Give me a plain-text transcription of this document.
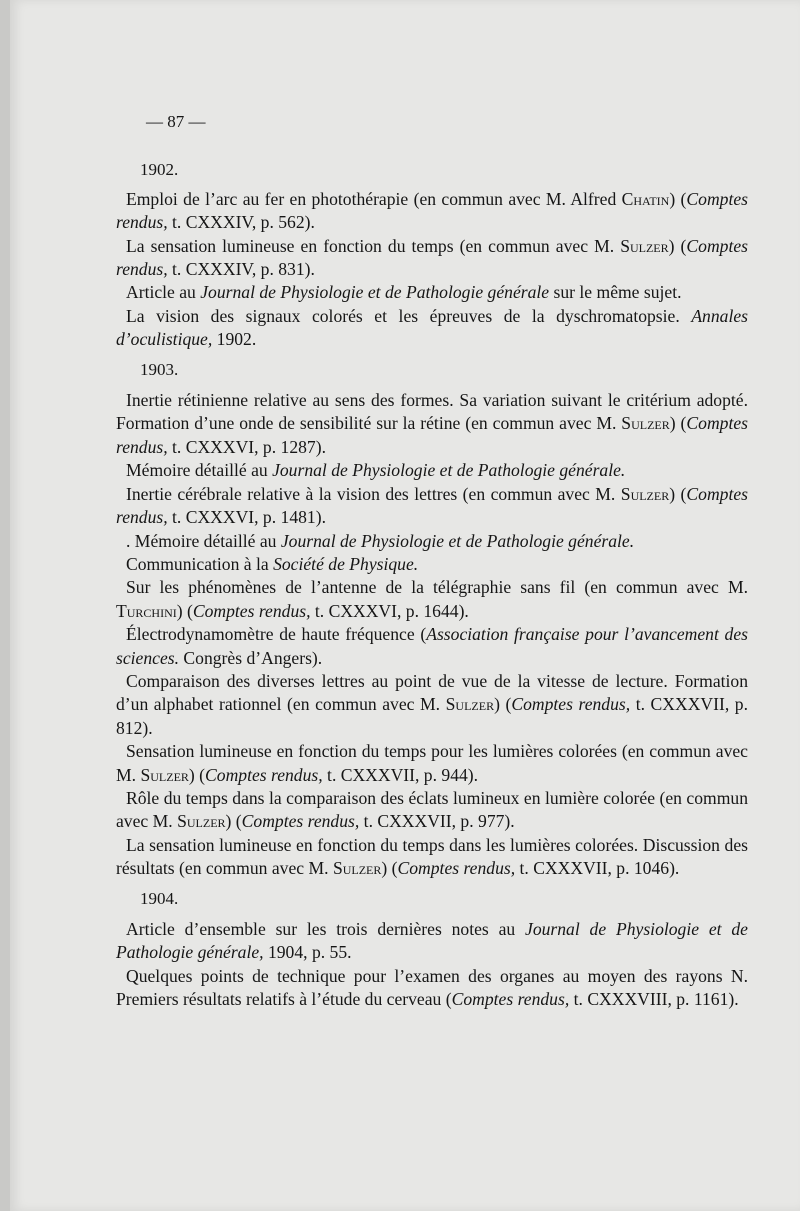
— 87 —
1902.

Emploi de l’arc au fer en photothérapie (en commun avec M. Alfred Chatin) (Comptes rendus, t. CXXXIV, p. 562).

La sensation lumineuse en fonction du temps (en commun avec M. Sulzer) (Comptes rendus, t. CXXXIV, p. 831).

Article au Journal de Physiologie et de Pathologie générale sur le même sujet.

La vision des signaux colorés et les épreuves de la dyschromatopsie. Annales d’oculistique, 1902.

1903.

Inertie rétinienne relative au sens des formes. Sa variation suivant le critérium adopté. Formation d’une onde de sensibilité sur la rétine (en commun avec M. Sulzer) (Comptes rendus, t. CXXXVI, p. 1287).

Mémoire détaillé au Journal de Physiologie et de Pathologie générale.

Inertie cérébrale relative à la vision des lettres (en commun avec M. Sulzer) (Comptes rendus, t. CXXXVI, p. 1481).

. Mémoire détaillé au Journal de Physiologie et de Pathologie générale.

Communication à la Société de Physique.

Sur les phénomènes de l’antenne de la télégraphie sans fil (en commun avec M. Turchini) (Comptes rendus, t. CXXXVI, p. 1644).

Électrodynamomètre de haute fréquence (Association française pour l’avancement des sciences. Congrès d’Angers).

Comparaison des diverses lettres au point de vue de la vitesse de lecture. Formation d’un alphabet rationnel (en commun avec M. Sulzer) (Comptes rendus, t. CXXXVII, p. 812).

Sensation lumineuse en fonction du temps pour les lumières colorées (en commun avec M. Sulzer) (Comptes rendus, t. CXXXVII, p. 944).

Rôle du temps dans la comparaison des éclats lumineux en lumière colorée (en commun avec M. Sulzer) (Comptes rendus, t. CXXXVII, p. 977).

La sensation lumineuse en fonction du temps dans les lumières colorées. Discussion des résultats (en commun avec M. Sulzer) (Comptes rendus, t. CXXXVII, p. 1046).

1904.

Article d’ensemble sur les trois dernières notes au Journal de Physiologie et de Pathologie générale, 1904, p. 55.

Quelques points de technique pour l’examen des organes au moyen des rayons N. Premiers résultats relatifs à l’étude du cerveau (Comptes rendus, t. CXXXVIII, p. 1161).
